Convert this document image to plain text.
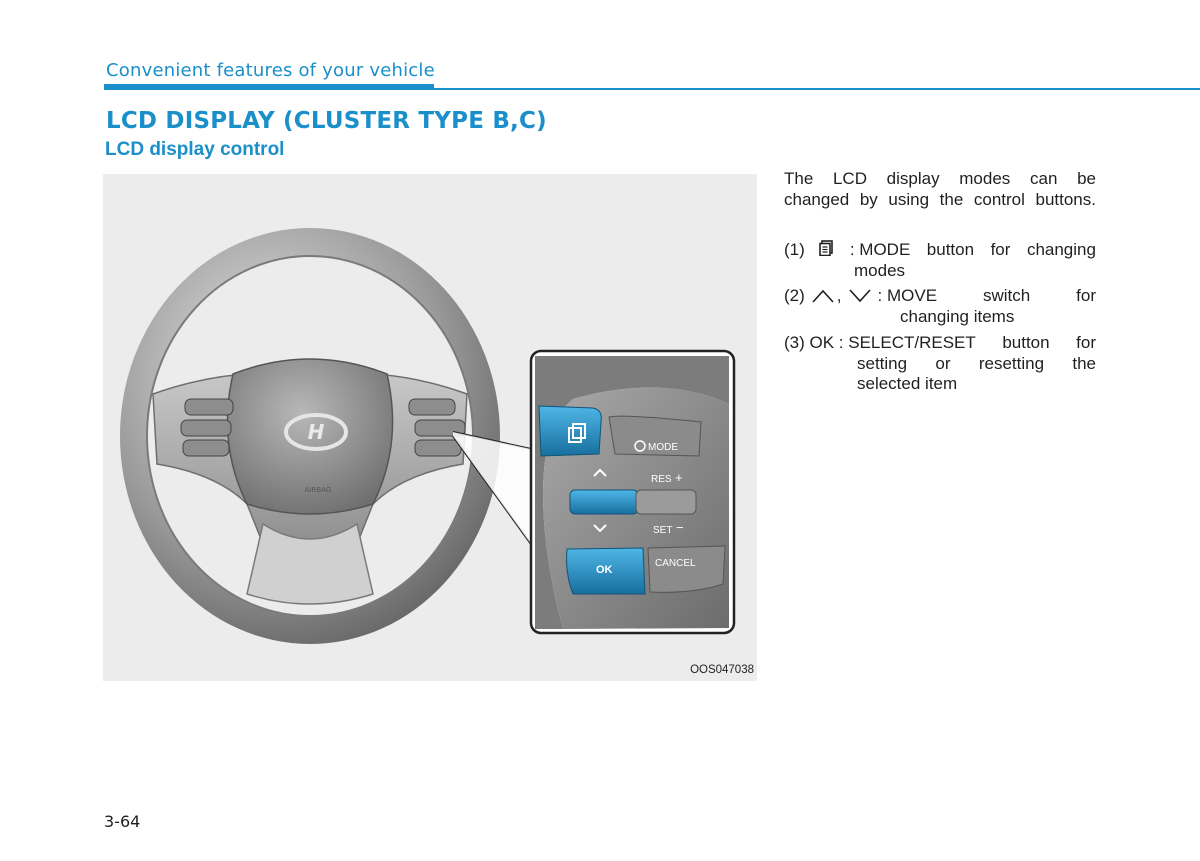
Convenient features of your vehicle
LCD DISPLAY (CLUSTER TYPE B,C)
LCD display control
H
AIRBAG
MODE
RES +
SET −
OK
CANCEL
OOS047038
The LCD display modes can be
changed by using the control buttons.
(1)	: MODE button for changing
modes
(2) , : MOVE	switch	for
changing items
(3) OK : SELECT/RESET button for
setting or resetting the
selected item
3-64
